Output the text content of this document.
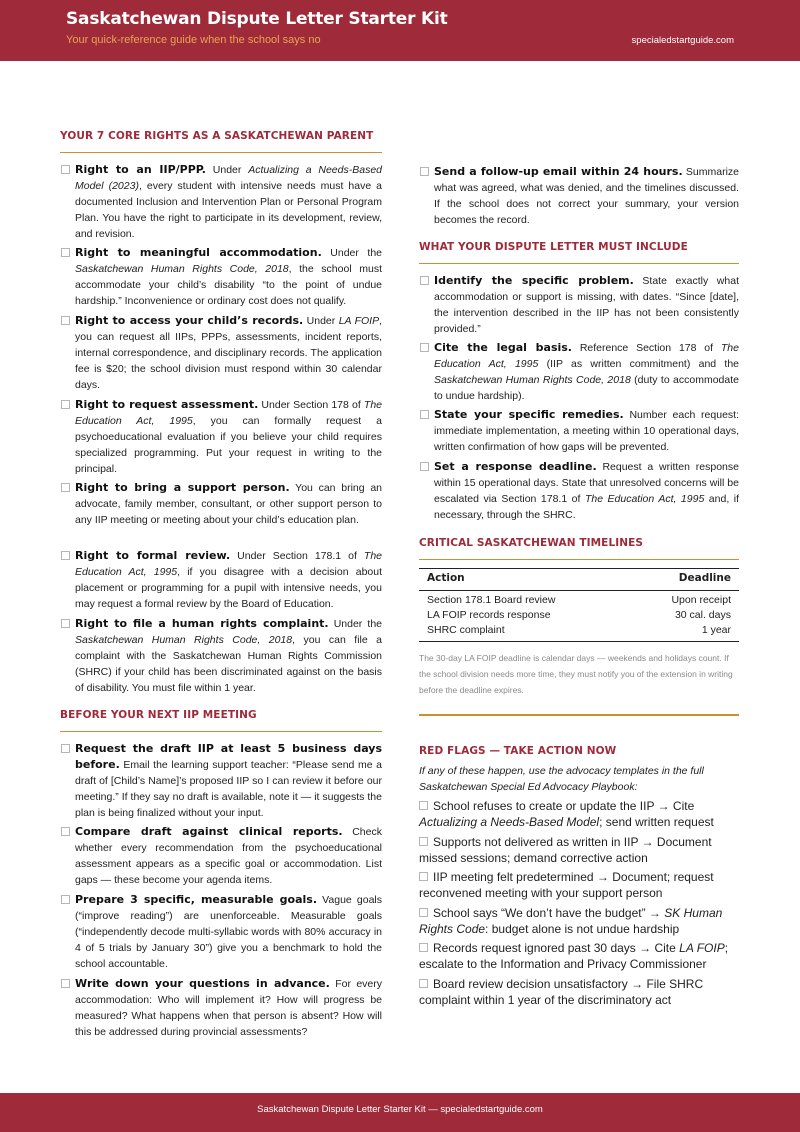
Saskatchewan Dispute Letter Starter Kit
Your quick-reference guide when the school says no	specialedstartguide.com
YOUR 7 CORE RIGHTS AS A SASKATCHEWAN PARENT
Right to an IIP/PPP. Under Actualizing a Needs-Based Model (2023), every student with intensive needs must have a documented Inclusion and Intervention Plan or Personal Program Plan. You have the right to participate in its development, review, and revision.
Right to meaningful accommodation. Under the Saskatchewan Human Rights Code, 2018, the school must accommodate your child’s disability “to the point of undue hardship.” Inconvenience or ordinary cost does not qualify.
Right to access your child’s records. Under LA FOIP, you can request all IIPs, PPPs, assessments, incident reports, internal correspondence, and disciplinary records. The application fee is $20; the school division must respond within 30 calendar days.
Right to request assessment. Under Section 178 of The Education Act, 1995, you can formally request a psychoeducational evaluation if you believe your child requires specialized programming. Put your request in writing to the principal.
Right to bring a support person. You can bring an advocate, family member, consultant, or other support person to any IIP meeting or meeting about your child’s education plan.
Right to formal review. Under Section 178.1 of The Education Act, 1995, if you disagree with a decision about placement or programming for a pupil with intensive needs, you may request a formal review by the Board of Education.
Right to file a human rights complaint. Under the Saskatchewan Human Rights Code, 2018, you can file a complaint with the Saskatchewan Human Rights Commission (SHRC) if your child has been discriminated against on the basis of disability. You must file within 1 year.
BEFORE YOUR NEXT IIP MEETING
Request the draft IIP at least 5 business days before. Email the learning support teacher: “Please send me a draft of [Child’s Name]’s proposed IIP so I can review it before our meeting.” If they say no draft is available, note it — it suggests the plan is being finalized without your input.
Compare draft against clinical reports. Check whether every recommendation from the psychoeducational assessment appears as a specific goal or accommodation. List gaps — these become your agenda items.
Prepare 3 specific, measurable goals. Vague goals (“improve reading”) are unenforceable. Measurable goals (“independently decode multi-syllabic words with 80% accuracy in 4 of 5 trials by January 30”) give you a benchmark to hold the school accountable.
Write down your questions in advance. For every accommodation: Who will implement it? How will progress be measured? What happens when that person is absent? How will this be addressed during provincial assessments?
Send a follow-up email within 24 hours. Summarize what was agreed, what was denied, and the timelines discussed. If the school does not correct your summary, your version becomes the record.
WHAT YOUR DISPUTE LETTER MUST INCLUDE
Identify the specific problem. State exactly what accommodation or support is missing, with dates. “Since [date], the intervention described in the IIP has not been consistently provided.”
Cite the legal basis. Reference Section 178 of The Education Act, 1995 (IIP as written commitment) and the Saskatchewan Human Rights Code, 2018 (duty to accommodate to undue hardship).
State your specific remedies. Number each request: immediate implementation, a meeting within 10 operational days, written confirmation of how gaps will be prevented.
Set a response deadline. Request a written response within 15 operational days. State that unresolved concerns will be escalated via Section 178.1 of The Education Act, 1995 and, if necessary, through the SHRC.
CRITICAL SASKATCHEWAN TIMELINES
Action	Deadline
Section 178.1 Board review	Upon receipt
LA FOIP records response	30 cal. days
SHRC complaint	1 year
The 30-day LA FOIP deadline is calendar days — weekends and holidays count. If the school division needs more time, they must notify you of the extension in writing before the deadline expires.
RED FLAGS — TAKE ACTION NOW
If any of these happen, use the advocacy templates in the full Saskatchewan Special Ed Advocacy Playbook:
School refuses to create or update the IIP → Cite Actualizing a Needs-Based Model; send written request
Supports not delivered as written in IIP → Document missed sessions; demand corrective action
IIP meeting felt predetermined → Document; request reconvened meeting with your support person
School says “We don’t have the budget” → SK Human Rights Code: budget alone is not undue hardship
Records request ignored past 30 days → Cite LA FOIP; escalate to the Information and Privacy Commissioner
Board review decision unsatisfactory → File SHRC complaint within 1 year of the discriminatory act
Saskatchewan Dispute Letter Starter Kit — specialedstartguide.com
